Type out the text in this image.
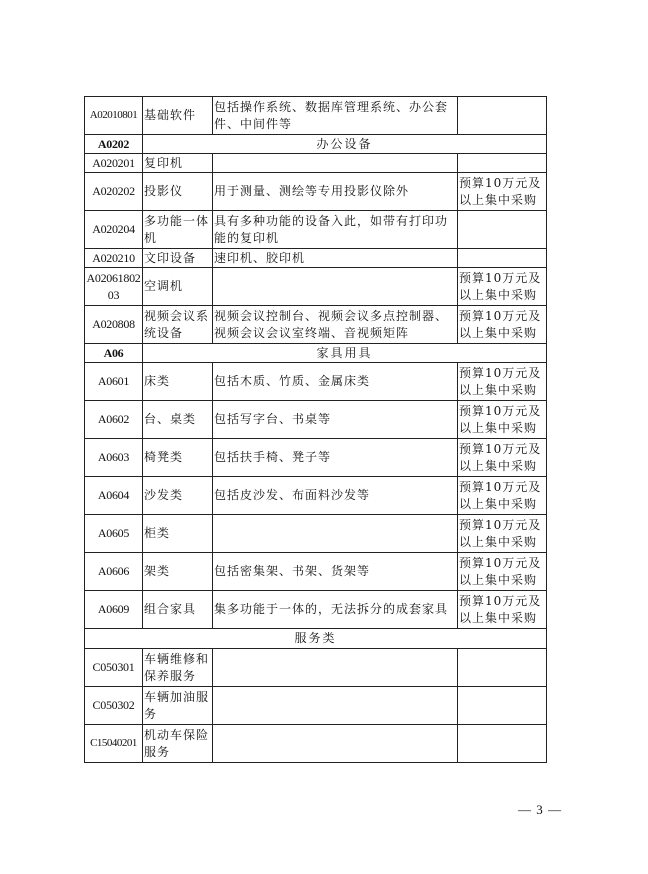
A02010801	基础软件	包括操作系统、数据库管理系统、办公套件、中间件等	
A0202	办公设备		
A020201	复印机		
A020202	投影仪	用于测量、测绘等专用投影仪除外	预算10万元及以上集中采购
A020204	多功能一体机	具有多种功能的设备入此，如带有打印功能的复印机	
A020210	文印设备	速印机、胶印机	
A0206180203	空调机		预算10万元及以上集中采购
A020808	视频会议系统设备	视频会议控制台、视频会议多点控制器、视频会议会议室终端、音视频矩阵	预算10万元及以上集中采购
A06	家具用具		
A0601	床类	包括木质、竹质、金属床类	预算10万元及以上集中采购
A0602	台、桌类	包括写字台、书桌等	预算10万元及以上集中采购
A0603	椅凳类	包括扶手椅、凳子等	预算10万元及以上集中采购
A0604	沙发类	包括皮沙发、布面料沙发等	预算10万元及以上集中采购
A0605	柜类		预算10万元及以上集中采购
A0606	架类	包括密集架、书架、货架等	预算10万元及以上集中采购
A0609	组合家具	集多功能于一体的，无法拆分的成套家具	预算10万元及以上集中采购
服务类			
C050301	车辆维修和保养服务		
C050302	车辆加油服务		
C15040201	机动车保险服务		
— 3 —
